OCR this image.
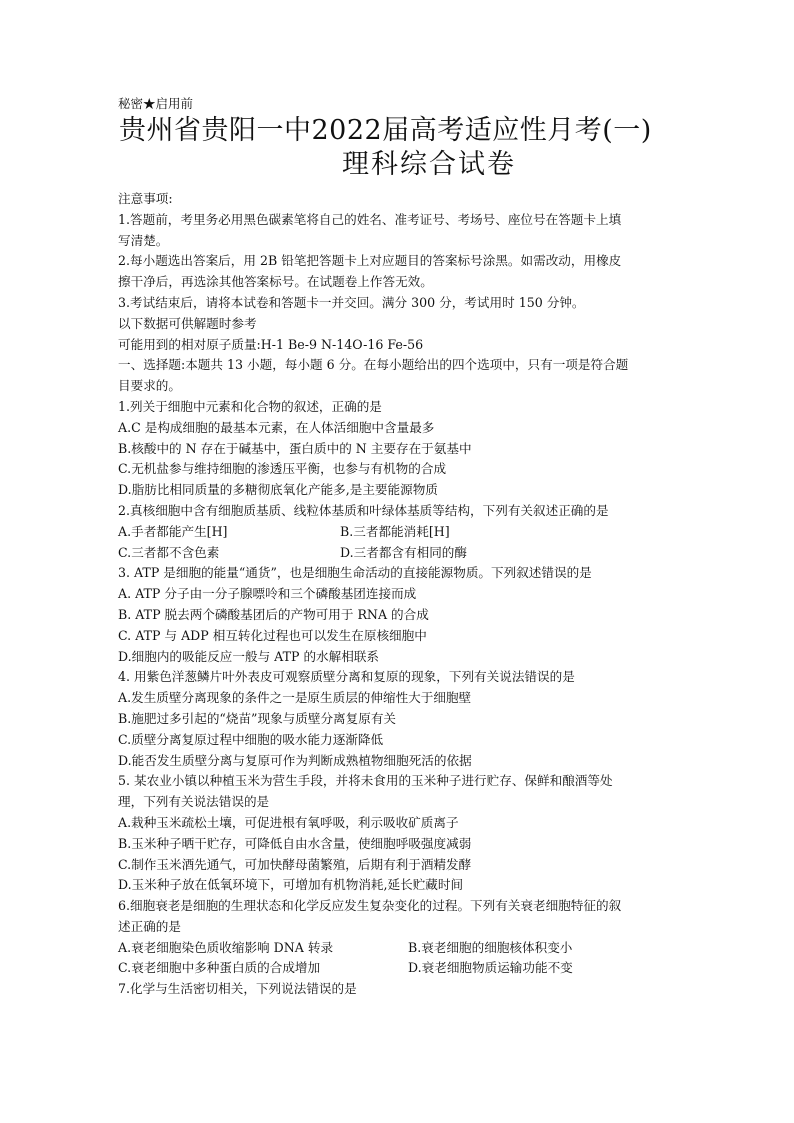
秘密★启用前
贵州省贵阳一中2022届高考适应性月考(一)
理科综合试卷
注意事项:
1.答题前，考里务必用黑色碳素笔将自己的姓名、准考证号、考场号、座位号在答题卡上填
写清楚。
2.每小题选出答案后，用 2B 铅笔把答题卡上对应题目的答案标号涂黑。如需改动，用橡皮
擦干净后，再选涂其他答案标号。在试题卷上作答无效。
3.考试结束后，请将本试卷和答题卡一并交回。满分 300 分，考试用时 150 分钟。
以下数据可供解题时参考
可能用到的相对原子质量:H-1 Be-9 N-14O-16 Fe-56
一、选择题:本题共 13 小题，每小题 6 分。在每小题给出的四个选项中，只有一项是符合题
目要求的。
1.列关于细胞中元素和化合物的叙述，正确的是
A.C 是构成细胞的最基本元素，在人体活细胞中含量最多
B.核酸中的 N 存在于碱基中，蛋白质中的 N 主要存在于氨基中
C.无机盐参与维持细胞的渗透压平衡，也参与有机物的合成
D.脂肪比相同质量的多糖彻底氧化产能多,是主要能源物质
2.真核细胞中含有细胞质基质、线粒体基质和叶绿体基质等结构，下列有关叙述正确的是
A.手者都能产生[H]	B.三者都能消耗[H]
C.三者都不含色素	D.三者都含有相同的酶
3. ATP 是细胞的能量“通货”，也是细胞生命活动的直接能源物质。下列叙述错误的是
A. ATP 分子由一分子腺嘌呤和三个磷酸基团连接而成
B. ATP 脱去两个磷酸基团后的产物可用于 RNA 的合成
C. ATP 与 ADP 相互转化过程也可以发生在原核细胞中
D.细胞内的吸能反应一般与 ATP 的水解相联系
4. 用紫色洋葱鳞片叶外表皮可观察质壁分离和复原的现象，下列有关说法错误的是
A.发生质壁分离现象的条件之一是原生质层的伸缩性大于细胞壁
B.施肥过多引起的“烧苗”现象与质壁分离复原有关
C.质壁分离复原过程中细胞的吸水能力逐渐降低
D.能否发生质壁分离与复原可作为判断成熟植物细胞死活的依据
5. 某农业小镇以种植玉米为营生手段，并将未食用的玉米种子进行贮存、保鲜和酿酒等处
理，下列有关说法错误的是
A.栽种玉米疏松土壤，可促进根有氧呼吸，利示吸收矿质离子
B.玉米种子晒干贮存，可降低自由水含量，使细胞呼吸强度减弱
C.制作玉米酒先通气，可加快酵母菌繁殖，后期有利于酒精发酵
D.玉米种子放在低氧环境下，可增加有机物消耗,延长贮藏时间
6.细胞衰老是细胞的生理状态和化学反应发生复杂变化的过程。下列有关衰老细胞特征的叙
述正确的是
A.衰老细胞染色质收缩影响 DNA 转录	B.衰老细胞的细胞核体积变小
C.衰老细胞中多种蛋白质的合成增加	D.衰老细胞物质运输功能不变
7.化学与生活密切相关，下列说法错误的是
